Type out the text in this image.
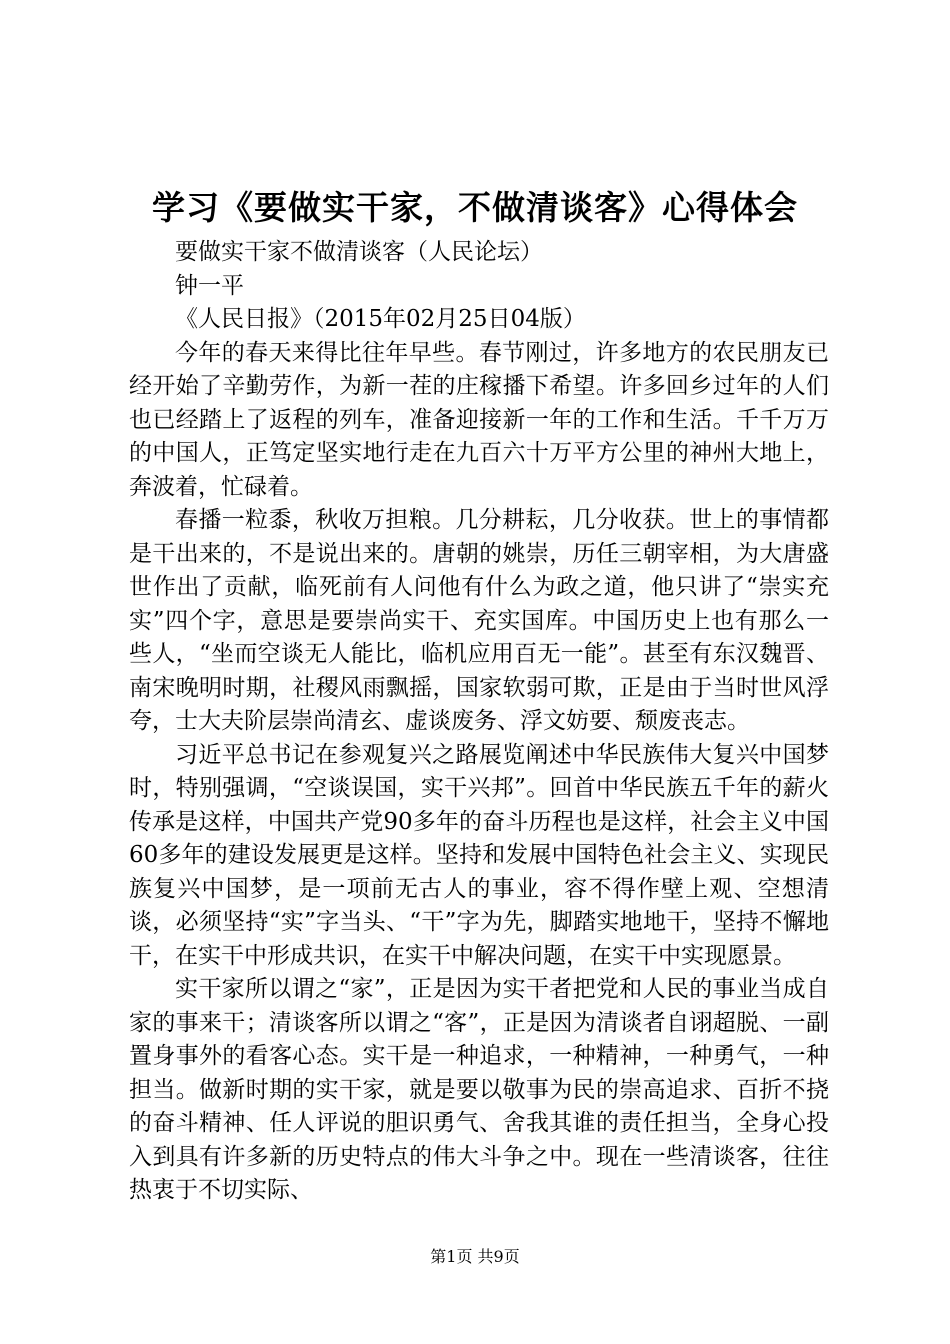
学习《要做实干家，不做清谈客》心得体会

要做实干家不做清谈客（人民论坛）

钟一平

《人民日报》（2015年02月25日04版）

今年的春天来得比往年早些。春节刚过，许多地方的农民朋友已经开始了辛勤劳作，为新一茬的庄稼播下希望。许多回乡过年的人们也已经踏上了返程的列车，准备迎接新一年的工作和生活。千千万万的中国人，正笃定坚实地行走在九百六十万平方公里的神州大地上，奔波着，忙碌着。

春播一粒黍，秋收万担粮。几分耕耘，几分收获。世上的事情都是干出来的，不是说出来的。唐朝的姚崇，历任三朝宰相，为大唐盛世作出了贡献，临死前有人问他有什么为政之道，他只讲了“崇实充实”四个字，意思是要崇尚实干、充实国库。中国历史上也有那么一些人，“坐而空谈无人能比，临机应用百无一能”。甚至有东汉魏晋、南宋晚明时期，社稷风雨飘摇，国家软弱可欺，正是由于当时世风浮夸，士大夫阶层崇尚清玄、虚谈废务、浮文妨要、颓废丧志。

习近平总书记在参观复兴之路展览阐述中华民族伟大复兴中国梦时，特别强调，“空谈误国，实干兴邦”。回首中华民族五千年的薪火传承是这样，中国共产党90多年的奋斗历程也是这样，社会主义中国60多年的建设发展更是这样。坚持和发展中国特色社会主义、实现民族复兴中国梦，是一项前无古人的事业，容不得作壁上观、空想清谈，必须坚持“实”字当头、“干”字为先，脚踏实地地干，坚持不懈地干，在实干中形成共识，在实干中解决问题，在实干中实现愿景。

实干家所以谓之“家”，正是因为实干者把党和人民的事业当成自家的事来干；清谈客所以谓之“客”，正是因为清谈者自诩超脱、一副置身事外的看客心态。实干是一种追求，一种精神，一种勇气，一种担当。做新时期的实干家，就是要以敬事为民的崇高追求、百折不挠的奋斗精神、任人评说的胆识勇气、舍我其谁的责任担当，全身心投入到具有许多新的历史特点的伟大斗争之中。现在一些清谈客，往往热衷于不切实际、

第1页 共9页
